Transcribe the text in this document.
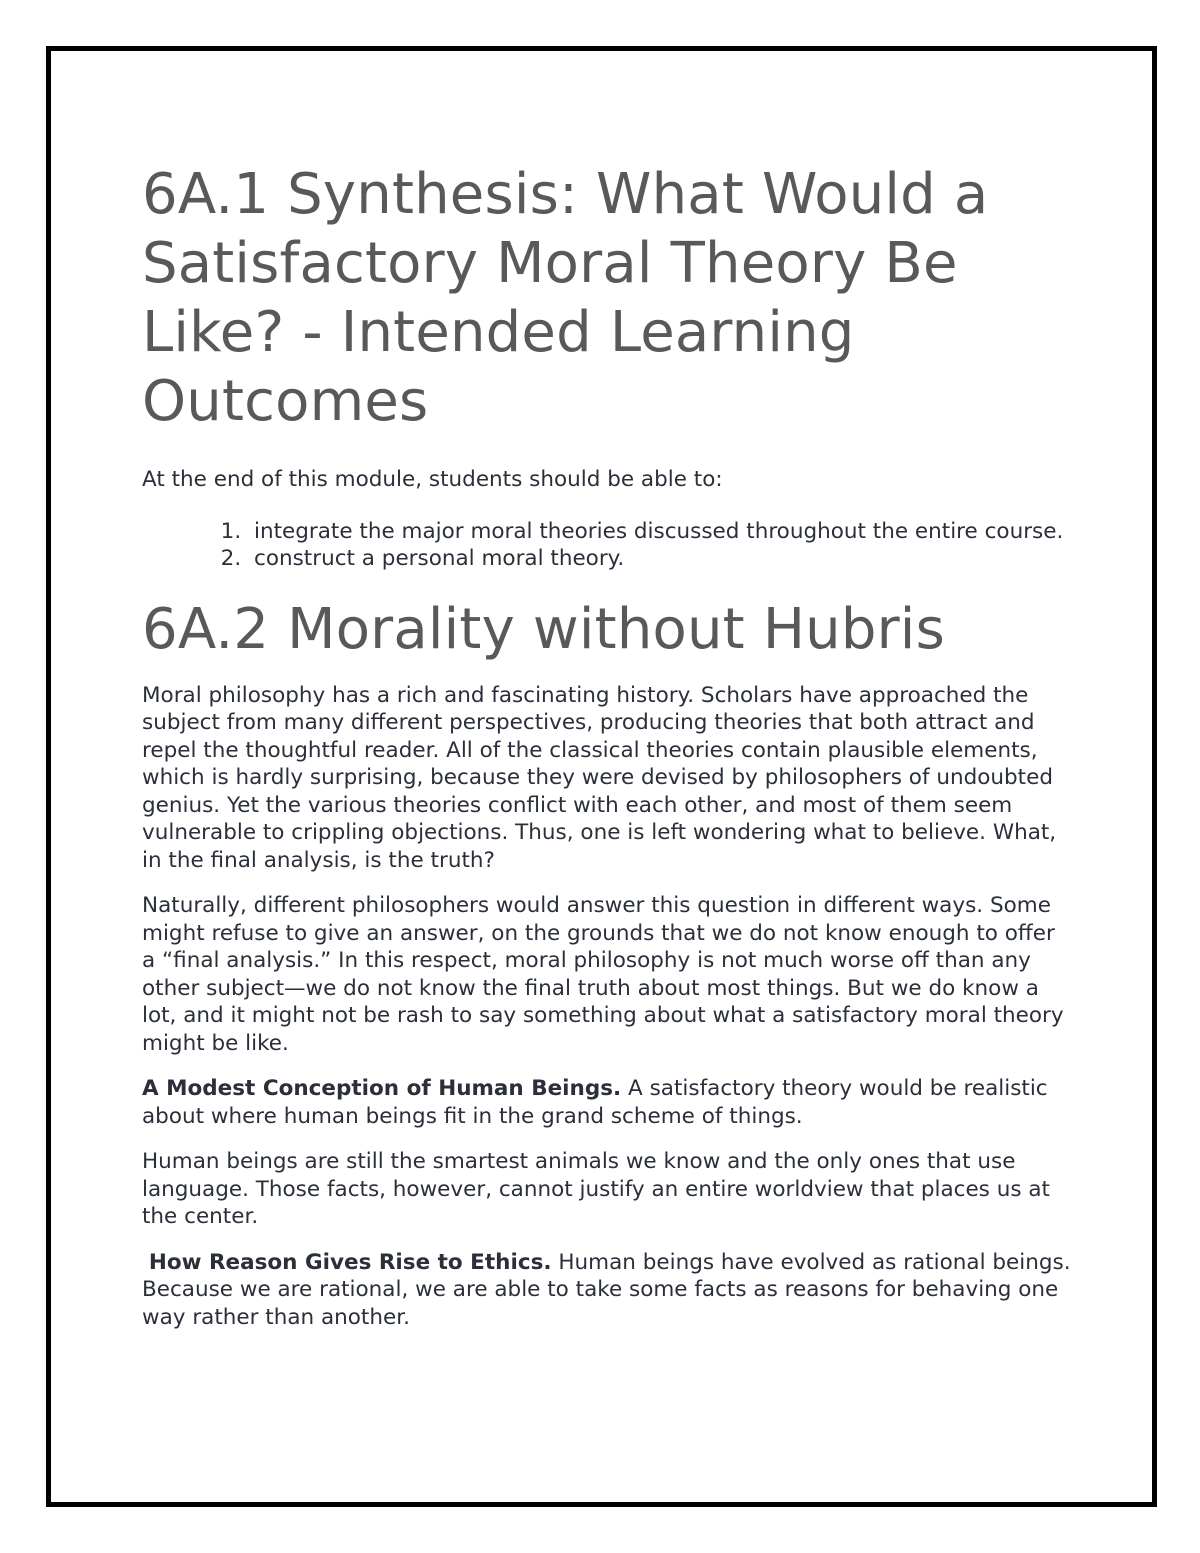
6A.1 Synthesis: What Would a Satisfactory Moral Theory Be Like? - Intended Learning Outcomes

At the end of this module, students should be able to:

1. integrate the major moral theories discussed throughout the entire course.
2. construct a personal moral theory.
6A.2 Morality without Hubris

Moral philosophy has a rich and fascinating history. Scholars have approached the subject from many different perspectives, producing theories that both attract and repel the thoughtful reader. All of the classical theories contain plausible elements, which is hardly surprising, because they were devised by philosophers of undoubted genius. Yet the various theories conflict with each other, and most of them seem vulnerable to crippling objections. Thus, one is left wondering what to believe. What, in the final analysis, is the truth?

Naturally, different philosophers would answer this question in different ways. Some might refuse to give an answer, on the grounds that we do not know enough to offer a “final analysis.” In this respect, moral philosophy is not much worse off than any other subject—we do not know the final truth about most things. But we do know a lot, and it might not be rash to say something about what a satisfactory moral theory might be like.

A Modest Conception of Human Beings. A satisfactory theory would be realistic about where human beings fit in the grand scheme of things.

Human beings are still the smartest animals we know and the only ones that use language. Those facts, however, cannot justify an entire worldview that places us at the center.

How Reason Gives Rise to Ethics. Human beings have evolved as rational beings. Because we are rational, we are able to take some facts as reasons for behaving one way rather than another.
